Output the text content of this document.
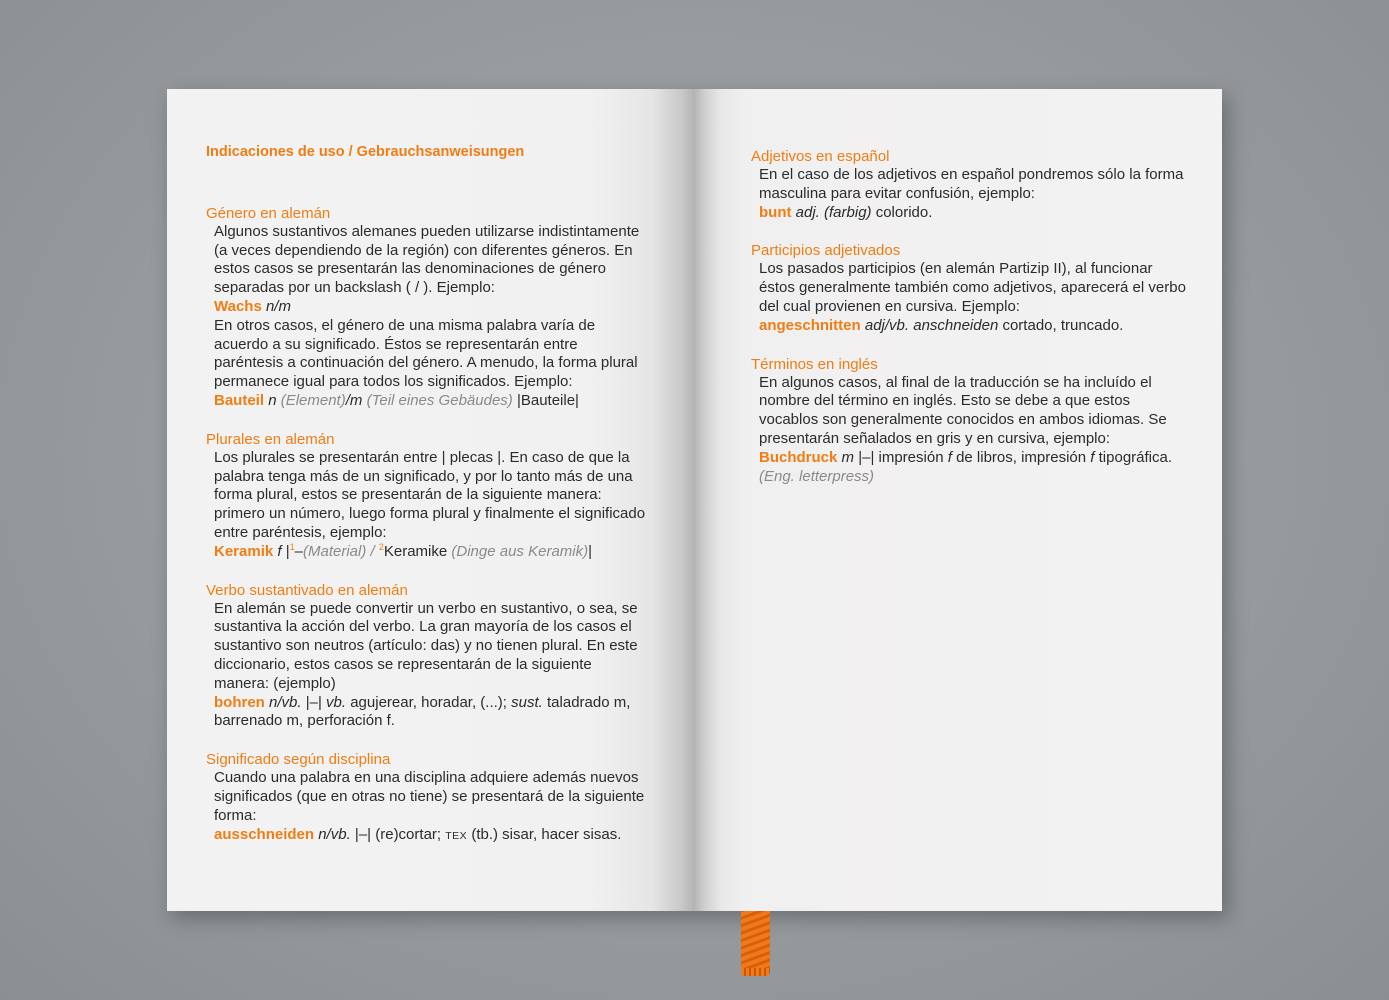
Indicaciones de uso / Gebrauchsanweisungen
Género en alemán

Algunos sustantivos alemanes pueden utilizarse indistintamente (a veces dependiendo de la región) con diferentes géneros. En estos casos se presentarán las denominaciones de género separadas por un backslash ( / ). Ejemplo:

Wachs n/m

En otros casos, el género de una misma palabra varía de acuerdo a su significado. Éstos se representarán entre paréntesis a continuación del género. A menudo, la forma plural permanece igual para todos los significados. Ejemplo:

Bauteil n (Element)/m (Teil eines Gebäudes) |Bauteile|

Plurales en alemán

Los plurales se presentarán entre | plecas |. En caso de que la palabra tenga más de un significado, y por lo tanto más de una forma plural, estos se presentarán de la siguiente manera: primero un número, luego forma plural y finalmente el significado entre paréntesis, ejemplo:

Keramik f $|^1-(Material)$ / $^2$Keramike (Dinge aus Keramik)|

Verbo sustantivado en alemán

En alemán se puede convertir un verbo en sustantivo, o sea, se sustantiva la acción del verbo. La gran mayoría de los casos el sustantivo son neutros (artículo: das) y no tienen plural. En este diccionario, estos casos se representarán de la siguiente manera: (ejemplo)

bohren n/vb. |–| vb. agujerear, horadar, (...); sust. taladrado m, barrenado m, perforación f.

Significado según disciplina

Cuando una palabra en una disciplina adquiere además nuevos significados (que en otras no tiene) se presentará de la siguiente forma:

ausschneiden n/vb. |–| (re)cortar; TEX (tb.) sisar, hacer sisas.

Adjetivos en español

En el caso de los adjetivos en español pondremos sólo la forma masculina para evitar confusión, ejemplo:

bunt adj. (farbig) colorido.

Participios adjetivados

Los pasados participios (en alemán Partizip II), al funcionar éstos generalmente también como adjetivos, aparecerá el verbo del cual provienen en cursiva. Ejemplo:

angeschnitten adj/vb. anschneiden cortado, truncado.

Términos en inglés

En algunos casos, al final de la traducción se ha incluído el nombre del término en inglés. Esto se debe a que estos vocablos son generalmente conocidos en ambos idiomas. Se presentarán señalados en gris y en cursiva, ejemplo:

Buchdruck m |–| impresión f de libros, impresión f tipográfica. (Eng. letterpress)
